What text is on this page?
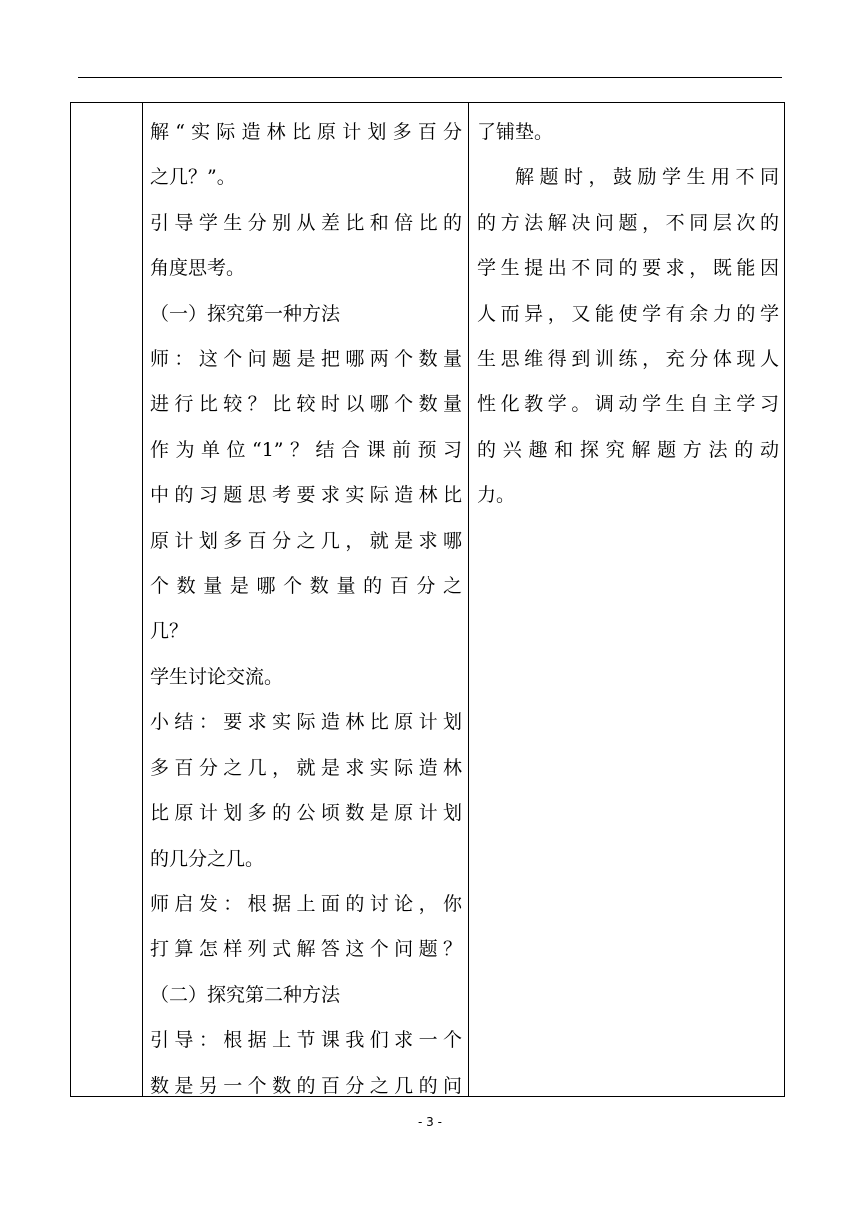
解“实际造林比原计划多百分

之几？”。

引导学生分别从差比和倍比的

角度思考。

（一）探究第一种方法

师：这个问题是把哪两个数量

进行比较？比较时以哪个数量

作为单位“1”？结合课前预习

中的习题思考要求实际造林比

原计划多百分之几，就是求哪

个数量是哪个数量的百分之

几？

学生讨论交流。

小结：要求实际造林比原计划

多百分之几，就是求实际造林

比原计划多的公顷数是原计划

的几分之几。

师启发：根据上面的讨论，你

打算怎样列式解答这个问题？

（二）探究第二种方法

引导：根据上节课我们求一个

数是另一个数的百分之几的问

了铺垫。

解题时，鼓励学生用不同

的方法解决问题，不同层次的

学生提出不同的要求，既能因

人而异，又能使学有余力的学

生思维得到训练，充分体现人

性化教学。调动学生自主学习

的兴趣和探究解题方法的动

力。

- 3 -
